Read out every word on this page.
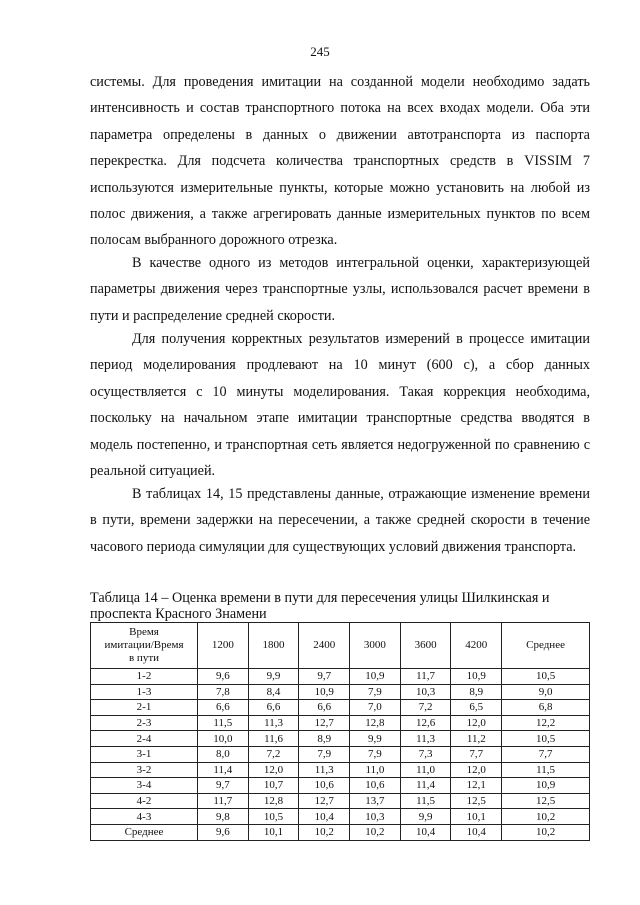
245

системы. Для проведения имитации на созданной модели необходимо задать интенсивность и состав транспортного потока на всех входах модели. Оба эти параметра определены в данных о движении автотранспорта из паспорта перекрестка. Для подсчета количества транспортных средств в VISSIM 7 используются измерительные пункты, которые можно установить на любой из полос движения, а также агрегировать данные измерительных пунктов по всем полосам выбранного дорожного отрезка.

В качестве одного из методов интегральной оценки, характеризующей параметры движения через транспортные узлы, использовался расчет времени в пути и распределение средней скорости.

Для получения корректных результатов измерений в процессе имитации период моделирования продлевают на 10 минут (600 с), а сбор данных осуществляется с 10 минуты моделирования. Такая коррекция необходима, поскольку на начальном этапе имитации транспортные средства вводятся в модель постепенно, и транспортная сеть является недогруженной по сравнению с реальной ситуацией.

В таблицах 14, 15 представлены данные, отражающие изменение времени в пути, времени задержки на пересечении, а также средней скорости в течение часового периода симуляции для существующих условий движения транспорта.

Таблица 14 – Оценка времени в пути для пересечения улицы Шилкинская и проспекта Красного Знамени

Время
имитации/Время
в пути	1200	1800	2400	3000	3600	4200	Среднее
1-2	9,6	9,9	9,7	10,9	11,7	10,9	10,5
1-3	7,8	8,4	10,9	7,9	10,3	8,9	9,0
2-1	6,6	6,6	6,6	7,0	7,2	6,5	6,8
2-3	11,5	11,3	12,7	12,8	12,6	12,0	12,2
2-4	10,0	11,6	8,9	9,9	11,3	11,2	10,5
3-1	8,0	7,2	7,9	7,9	7,3	7,7	7,7
3-2	11,4	12,0	11,3	11,0	11,0	12,0	11,5
3-4	9,7	10,7	10,6	10,6	11,4	12,1	10,9
4-2	11,7	12,8	12,7	13,7	11,5	12,5	12,5
4-3	9,8	10,5	10,4	10,3	9,9	10,1	10,2
Среднее	9,6	10,1	10,2	10,2	10,4	10,4	10,2
